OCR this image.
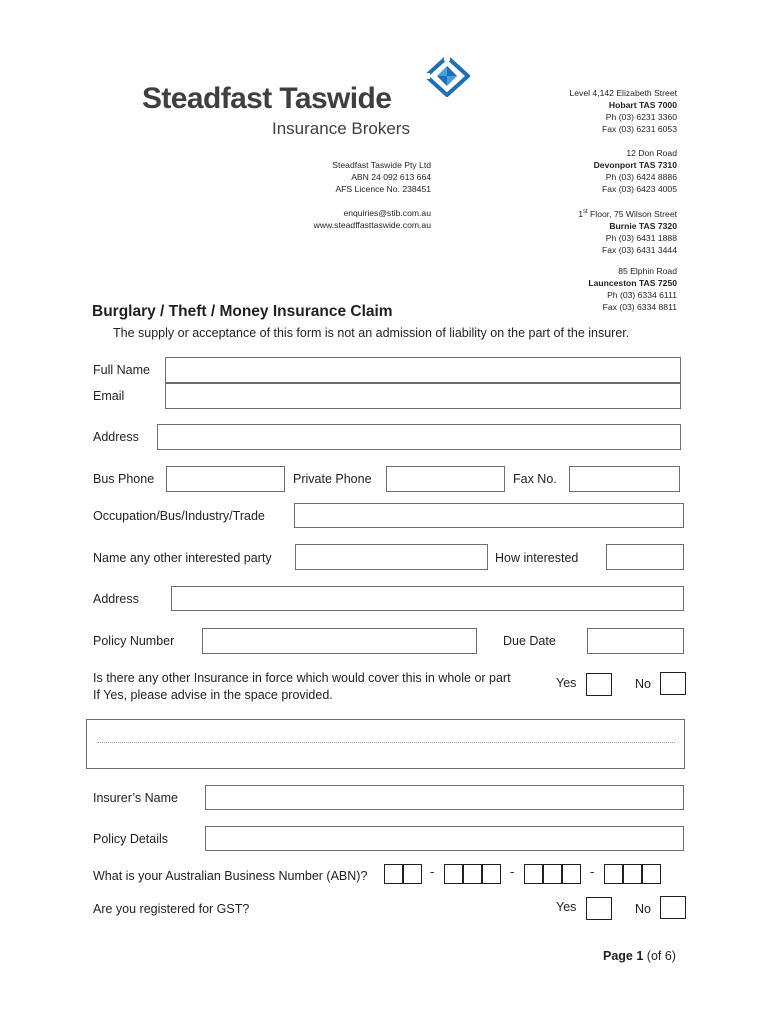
Steadfast Taswide
Insurance Brokers
Steadfast Taswide Pty Ltd
ABN 24 092 613 664
AFS Licence No. 238451
enquiries@stib.com.au
www.steadffasttaswide.com.au
Level 4,142 Elizabeth Street
Hobart TAS 7000
Ph (03) 6231 3360
Fax (03) 6231 6053
12 Don Road
Devonport TAS 7310
Ph (03) 6424 8886
Fax (03) 6423 4005
1st Floor, 75 Wilson Street
Burnie TAS 7320
Ph (03) 6431 1888
Fax (03) 6431 3444
85 Elphin Road
Launceston TAS 7250
Ph (03) 6334 6111
Fax (03) 6334 8811
Burglary / Theft / Money Insurance Claim
The supply or acceptance of this form is not an admission of liability on the part of the insurer.
Full Name
Email
Address
Bus Phone	Private Phone	Fax No.
Occupation/Bus/Industry/Trade
Name any other interested party	How interested
Address
Policy Number	Due Date
Is there any other Insurance in force which would cover this in whole or part
If Yes, please advise in the space provided.
Yes	No
Insurer’s Name
Policy Details
What is your Australian Business Number (ABN)?	-	-	-
Are you registered for GST?	Yes	No
Page 1 (of 6)
